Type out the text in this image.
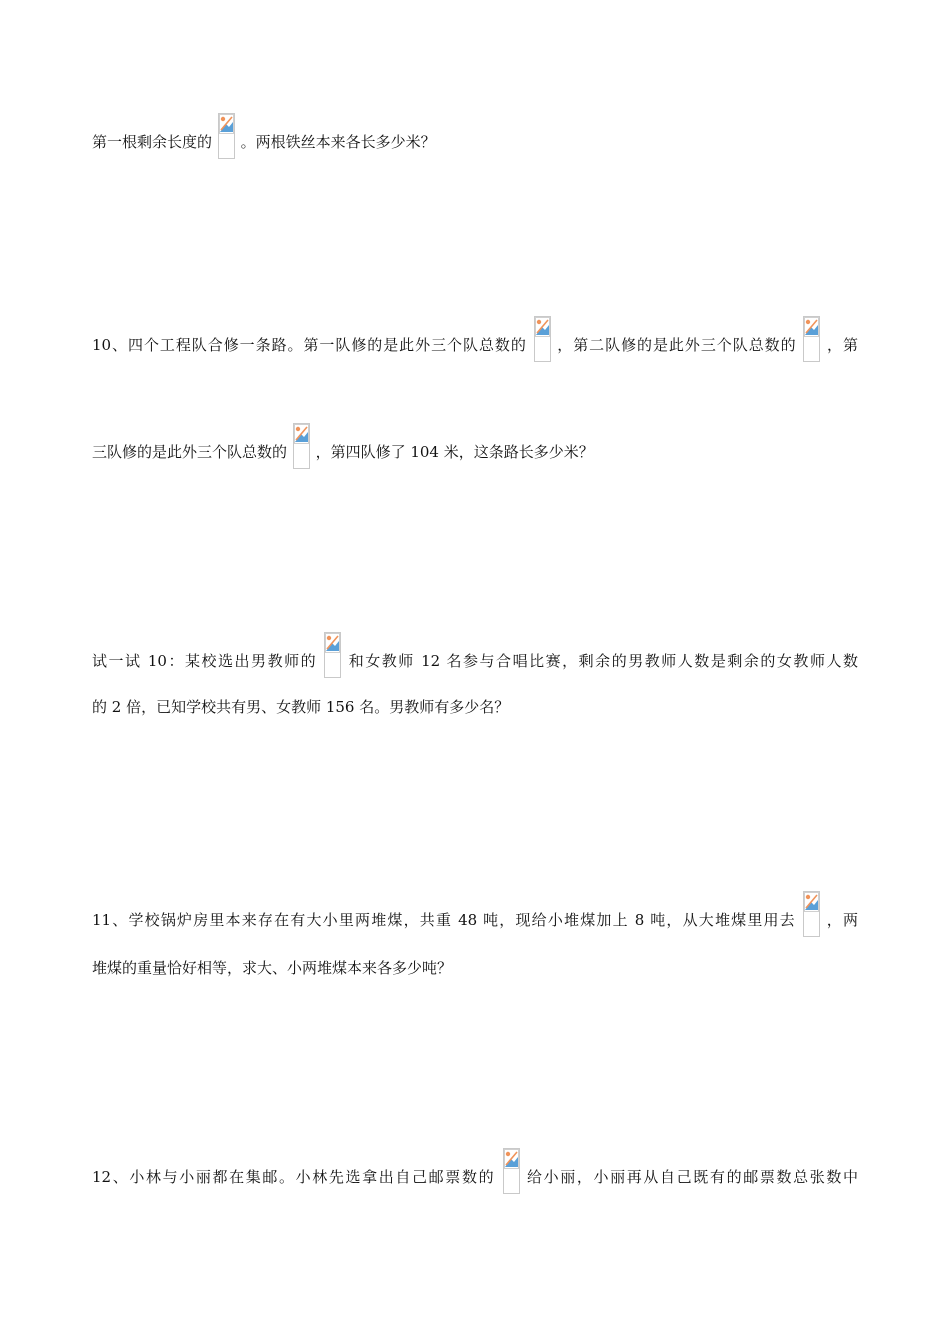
第一根剩余长度的 。两根铁丝本来各长多少米？
10、四个工程队合修一条路。第一队修的是此外三个队总数的 ，第二队修的是此外三个队总数的 ，第
三队修的是此外三个队总数的 ，第四队修了 104 米，这条路长多少米？
试一试 10：某校选出男教师的 和女教师 12 名参与合唱比赛，剩余的男教师人数是剩余的女教师人数
的 2 倍，已知学校共有男、女教师 156 名。男教师有多少名？
11、学校锅炉房里本来存在有大小里两堆煤，共重 48 吨，现给小堆煤加上 8 吨，从大堆煤里用去 ，两
堆煤的重量恰好相等，求大、小两堆煤本来各多少吨？
12、小林与小丽都在集邮。小林先选拿出自己邮票数的 给小丽，小丽再从自己既有的邮票数总张数中
